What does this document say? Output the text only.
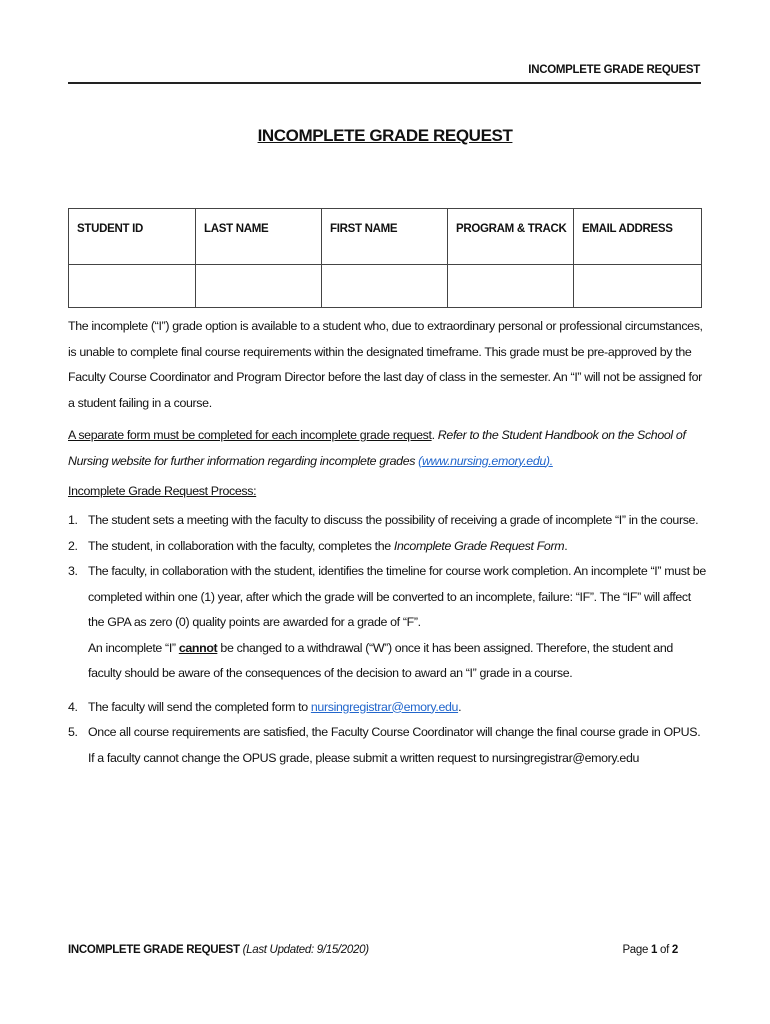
INCOMPLETE GRADE REQUEST
INCOMPLETE GRADE REQUEST
STUDENT ID	LAST NAME	FIRST NAME	PROGRAM & TRACK	EMAIL ADDRESS

The incomplete (“I”) grade option is available to a student who, due to extraordinary personal or professional circumstances, is unable to complete final course requirements within the designated timeframe. This grade must be pre-approved by the Faculty Course Coordinator and Program Director before the last day of class in the semester. An “I” will not be assigned for a student failing in a course.
A separate form must be completed for each incomplete grade request. Refer to the Student Handbook on the School of Nursing website for further information regarding incomplete grades (www.nursing.emory.edu).
Incomplete Grade Request Process:
1. The student sets a meeting with the faculty to discuss the possibility of receiving a grade of incomplete “I” in the course.
2. The student, in collaboration with the faculty, completes the Incomplete Grade Request Form.
3. The faculty, in collaboration with the student, identifies the timeline for course work completion. An incomplete “I” must be completed within one (1) year, after which the grade will be converted to an incomplete, failure: “IF”. The “IF” will affect the GPA as zero (0) quality points are awarded for a grade of “F”.
An incomplete “I” cannot be changed to a withdrawal (“W”) once it has been assigned. Therefore, the student and faculty should be aware of the consequences of the decision to award an “I” grade in a course.
4. The faculty will send the completed form to nursingregistrar@emory.edu.
5. Once all course requirements are satisfied, the Faculty Course Coordinator will change the final course grade in OPUS. If a faculty cannot change the OPUS grade, please submit a written request to nursingregistrar@emory.edu
INCOMPLETE GRADE REQUEST (Last Updated: 9/15/2020)	Page 1 of 2
